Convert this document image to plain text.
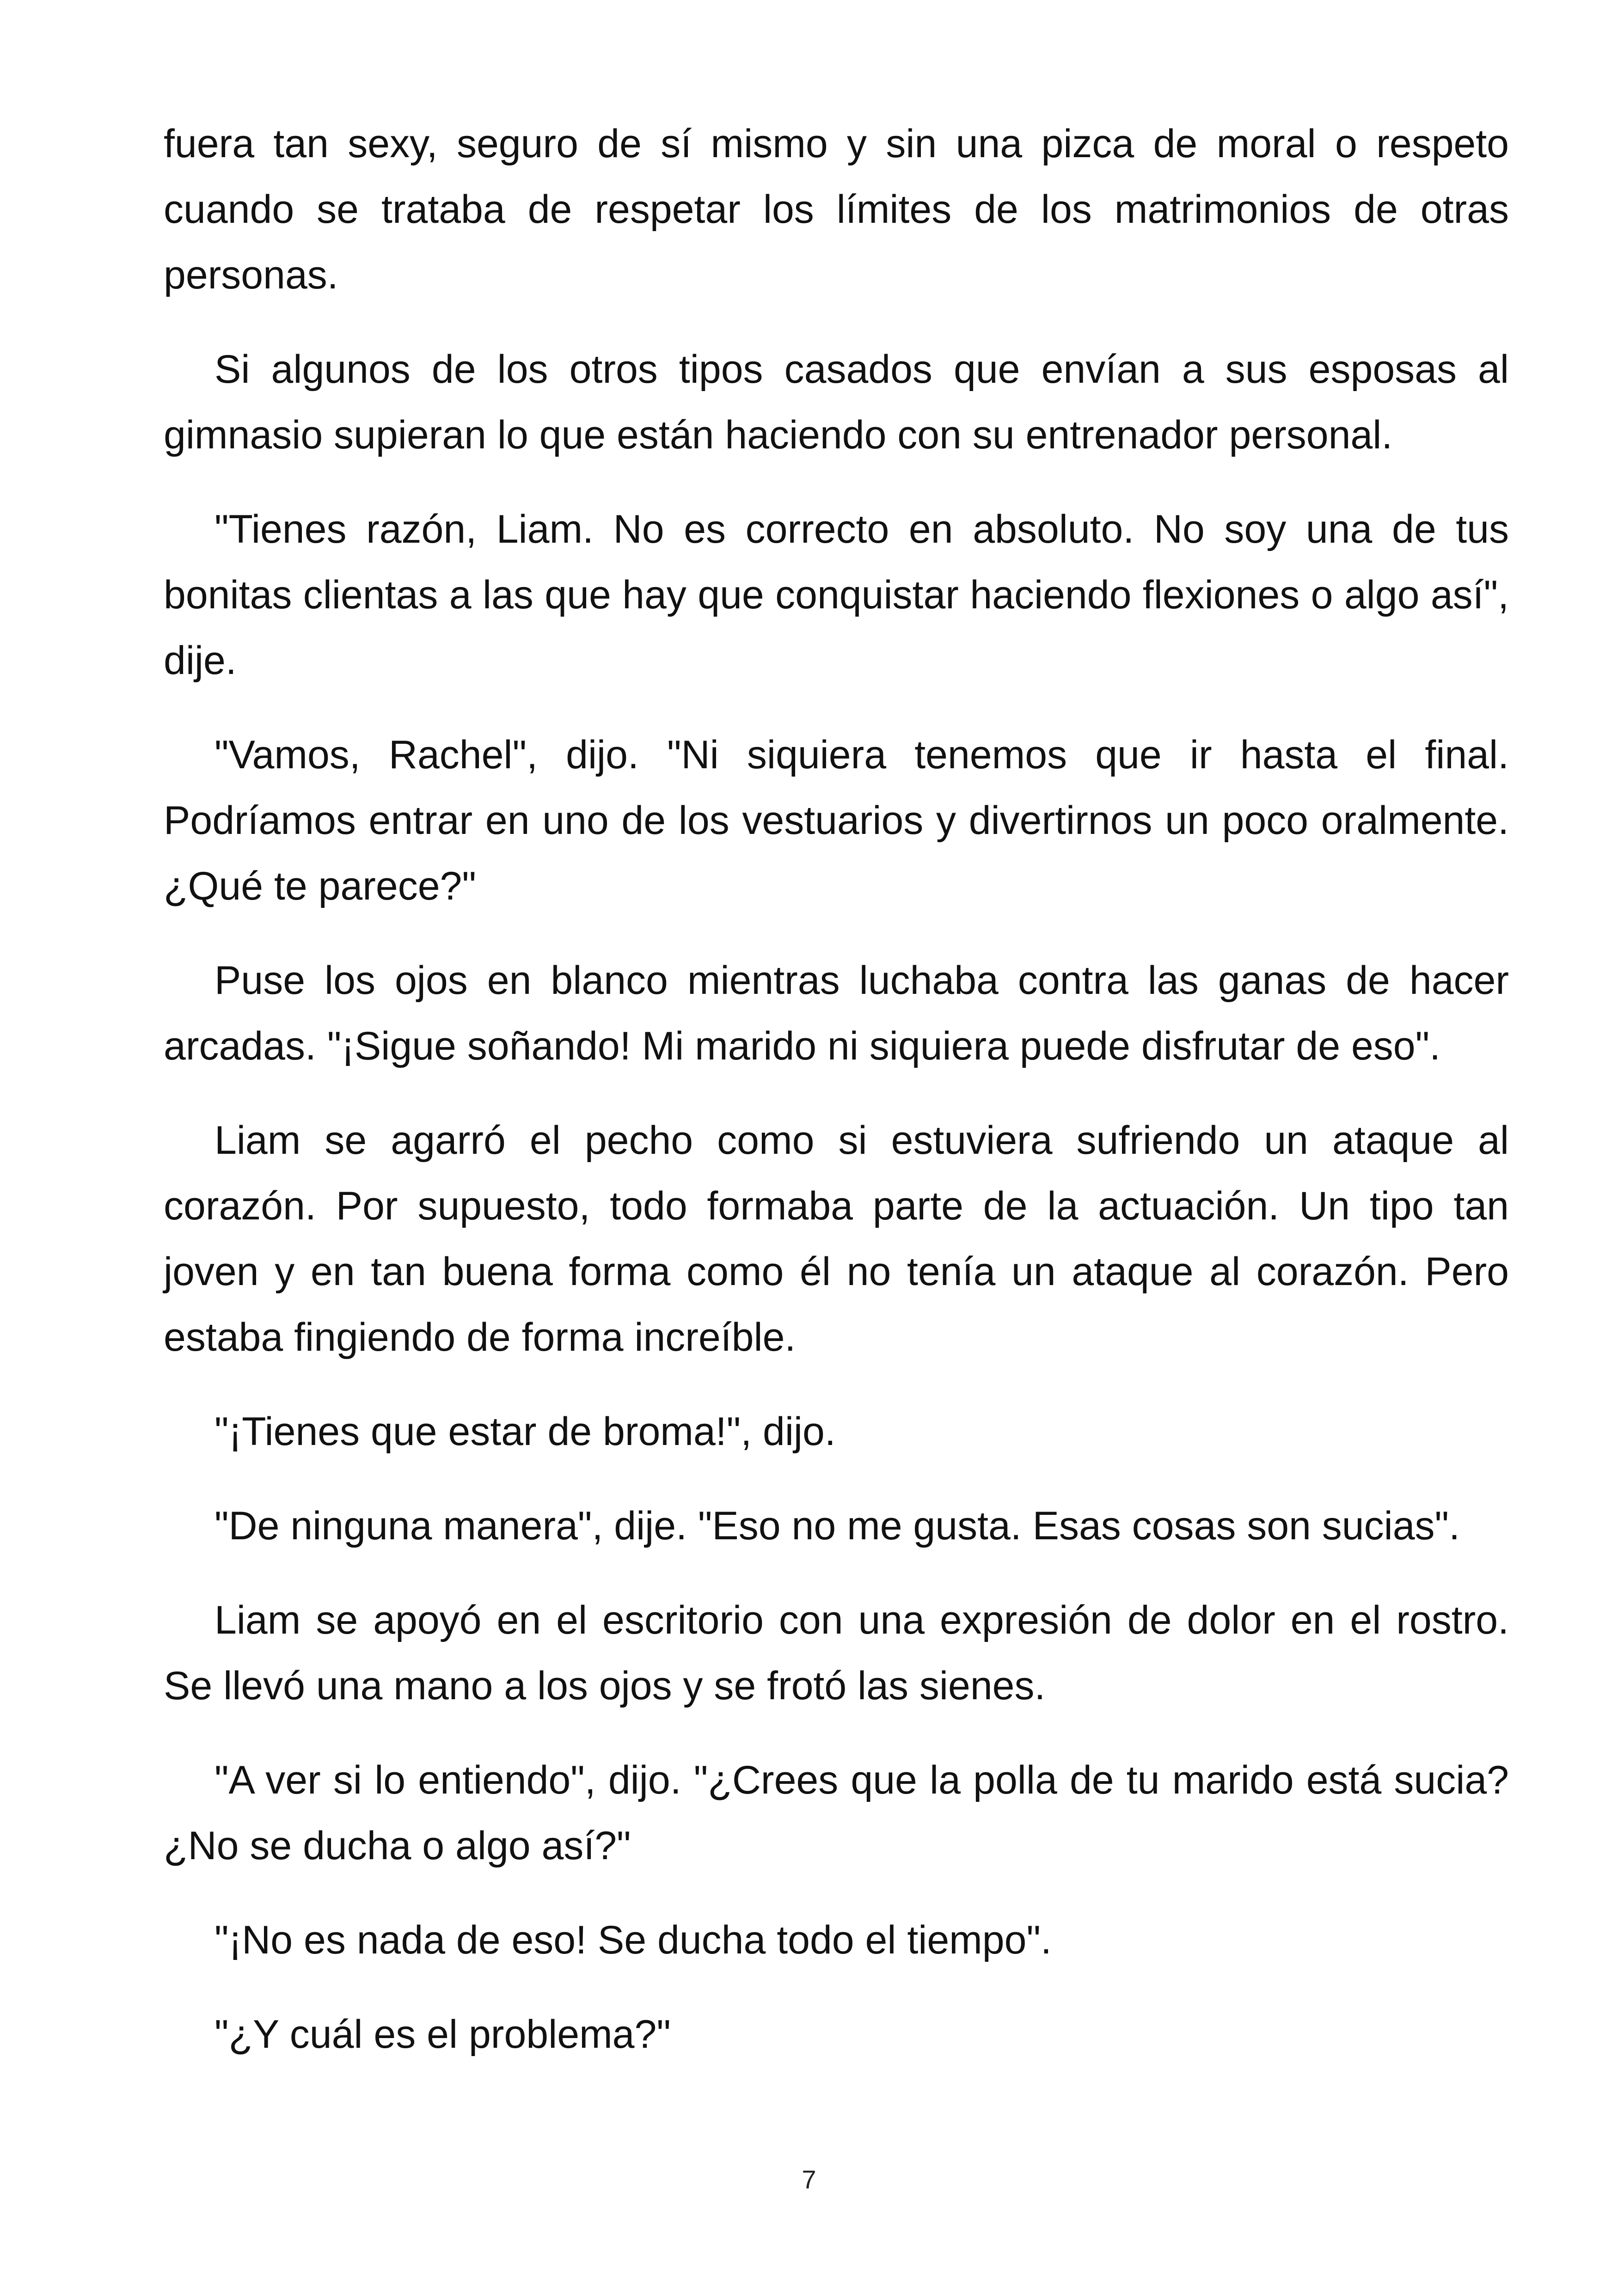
fuera tan sexy, seguro de sí mismo y sin una pizca de moral o respeto cuando se trataba de respetar los límites de los matrimonios de otras personas.

Si algunos de los otros tipos casados que envían a sus esposas al gimnasio supieran lo que están haciendo con su entrenador personal.

"Tienes razón, Liam. No es correcto en absoluto. No soy una de tus bonitas clientas a las que hay que conquistar haciendo flexiones o algo así", dije.

"Vamos, Rachel", dijo. "Ni siquiera tenemos que ir hasta el final. Podríamos entrar en uno de los vestuarios y divertirnos un poco oralmente. ¿Qué te parece?"

Puse los ojos en blanco mientras luchaba contra las ganas de hacer arcadas. "¡Sigue soñando! Mi marido ni siquiera puede disfrutar de eso".

Liam se agarró el pecho como si estuviera sufriendo un ataque al corazón. Por supuesto, todo formaba parte de la actuación. Un tipo tan joven y en tan buena forma como él no tenía un ataque al corazón. Pero estaba fingiendo de forma increíble.

"¡Tienes que estar de broma!", dijo.

"De ninguna manera", dije. "Eso no me gusta. Esas cosas son sucias".

Liam se apoyó en el escritorio con una expresión de dolor en el rostro. Se llevó una mano a los ojos y se frotó las sienes.

"A ver si lo entiendo", dijo. "¿Crees que la polla de tu marido está sucia? ¿No se ducha o algo así?"

"¡No es nada de eso! Se ducha todo el tiempo".

"¿Y cuál es el problema?"

7
